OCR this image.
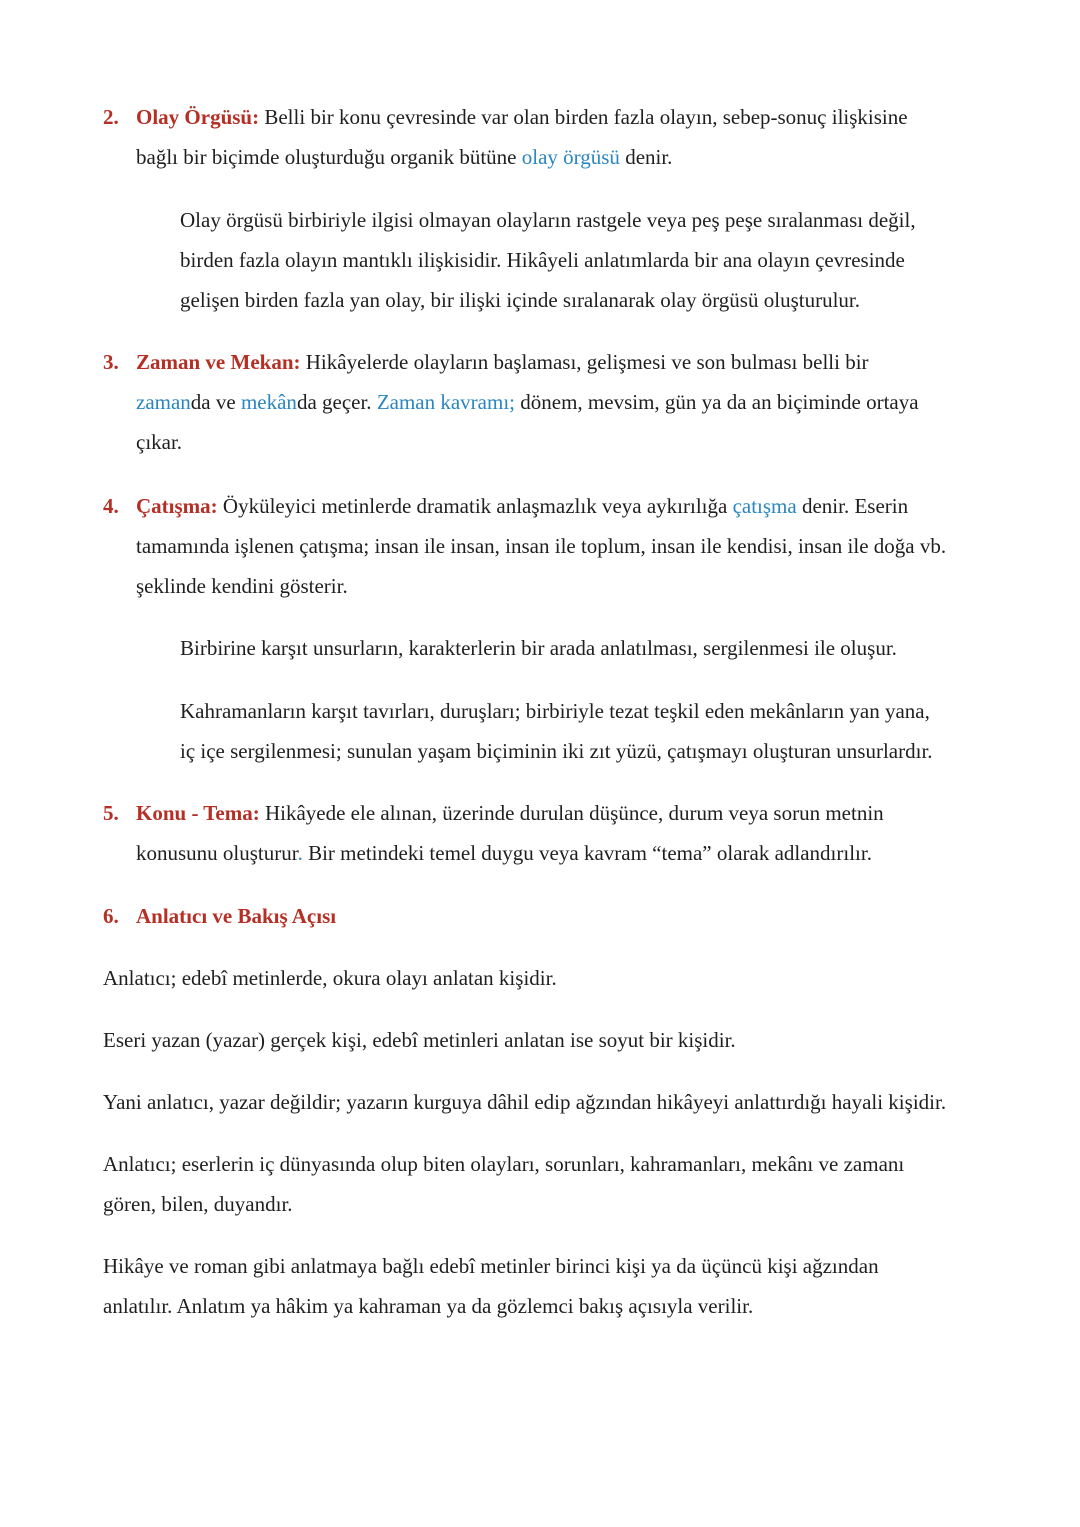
2. Olay Örgüsü: Belli bir konu çevresinde var olan birden fazla olayın, sebep-sonuç ilişkisine
bağlı bir biçimde oluşturduğu organik bütüne olay örgüsü denir.
Olay örgüsü birbiriyle ilgisi olmayan olayların rastgele veya peş peşe sıralanması değil,
birden fazla olayın mantıklı ilişkisidir. Hikâyeli anlatımlarda bir ana olayın çevresinde
gelişen birden fazla yan olay, bir ilişki içinde sıralanarak olay örgüsü oluşturulur.
3. Zaman ve Mekan: Hikâyelerde olayların başlaması, gelişmesi ve son bulması belli bir
zamanda ve mekânda geçer. Zaman kavramı; dönem, mevsim, gün ya da an biçiminde ortaya
çıkar.
4. Çatışma: Öyküleyici metinlerde dramatik anlaşmazlık veya aykırılığa çatışma denir. Eserin
tamamında işlenen çatışma; insan ile insan, insan ile toplum, insan ile kendisi, insan ile doğa vb.
şeklinde kendini gösterir.
Birbirine karşıt unsurların, karakterlerin bir arada anlatılması, sergilenmesi ile oluşur.
Kahramanların karşıt tavırları, duruşları; birbiriyle tezat teşkil eden mekânların yan yana,
iç içe sergilenmesi; sunulan yaşam biçiminin iki zıt yüzü, çatışmayı oluşturan unsurlardır.
5. Konu - Tema: Hikâyede ele alınan, üzerinde durulan düşünce, durum veya sorun metnin
konusunu oluşturur. Bir metindeki temel duygu veya kavram “tema” olarak adlandırılır.
6. Anlatıcı ve Bakış Açısı
Anlatıcı; edebî metinlerde, okura olayı anlatan kişidir.
Eseri yazan (yazar) gerçek kişi, edebî metinleri anlatan ise soyut bir kişidir.
Yani anlatıcı, yazar değildir; yazarın kurguya dâhil edip ağzından hikâyeyi anlattırdığı hayali kişidir.
Anlatıcı; eserlerin iç dünyasında olup biten olayları, sorunları, kahramanları, mekânı ve zamanı
gören, bilen, duyandır.
Hikâye ve roman gibi anlatmaya bağlı edebî metinler birinci kişi ya da üçüncü kişi ağzından
anlatılır. Anlatım ya hâkim ya kahraman ya da gözlemci bakış açısıyla verilir.
